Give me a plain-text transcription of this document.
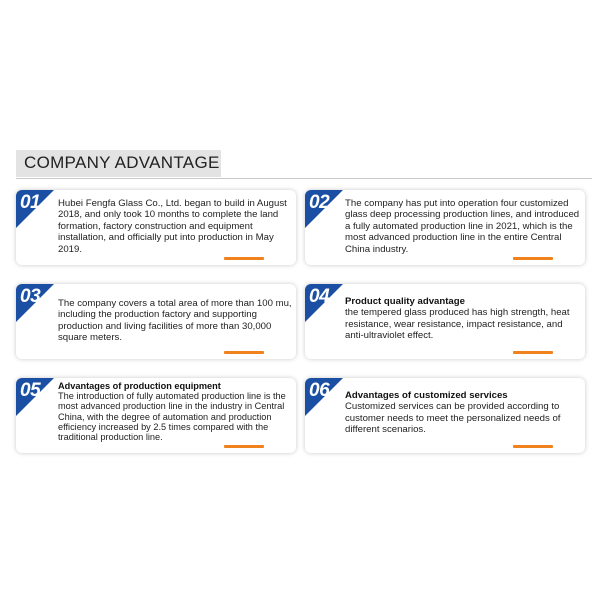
COMPANY ADVANTAGE
01 Hubei Fengfa Glass Co., Ltd. began to build in August 2018, and only took 10 months to complete the land formation, factory construction and equipment installation, and officially put into production in May 2019.
02 The company has put into operation four customized glass deep processing production lines, and introduced a fully automated production line in 2021, which is the most advanced production line in the entire Central China industry.
03 The company covers a total area of more than 100 mu, including the production factory and supporting production and living facilities of more than 30,000 square meters.
04 Product quality advantage
the tempered glass produced has high strength, heat resistance, wear resistance, impact resistance, and anti-ultraviolet effect.
05 Advantages of production equipment
The introduction of fully automated production line is the most advanced production line in the industry in Central China, with the degree of automation and production efficiency increased by 2.5 times compared with the traditional production line.
06 Advantages of customized services
Customized services can be provided according to customer needs to meet the personalized needs of different scenarios.
